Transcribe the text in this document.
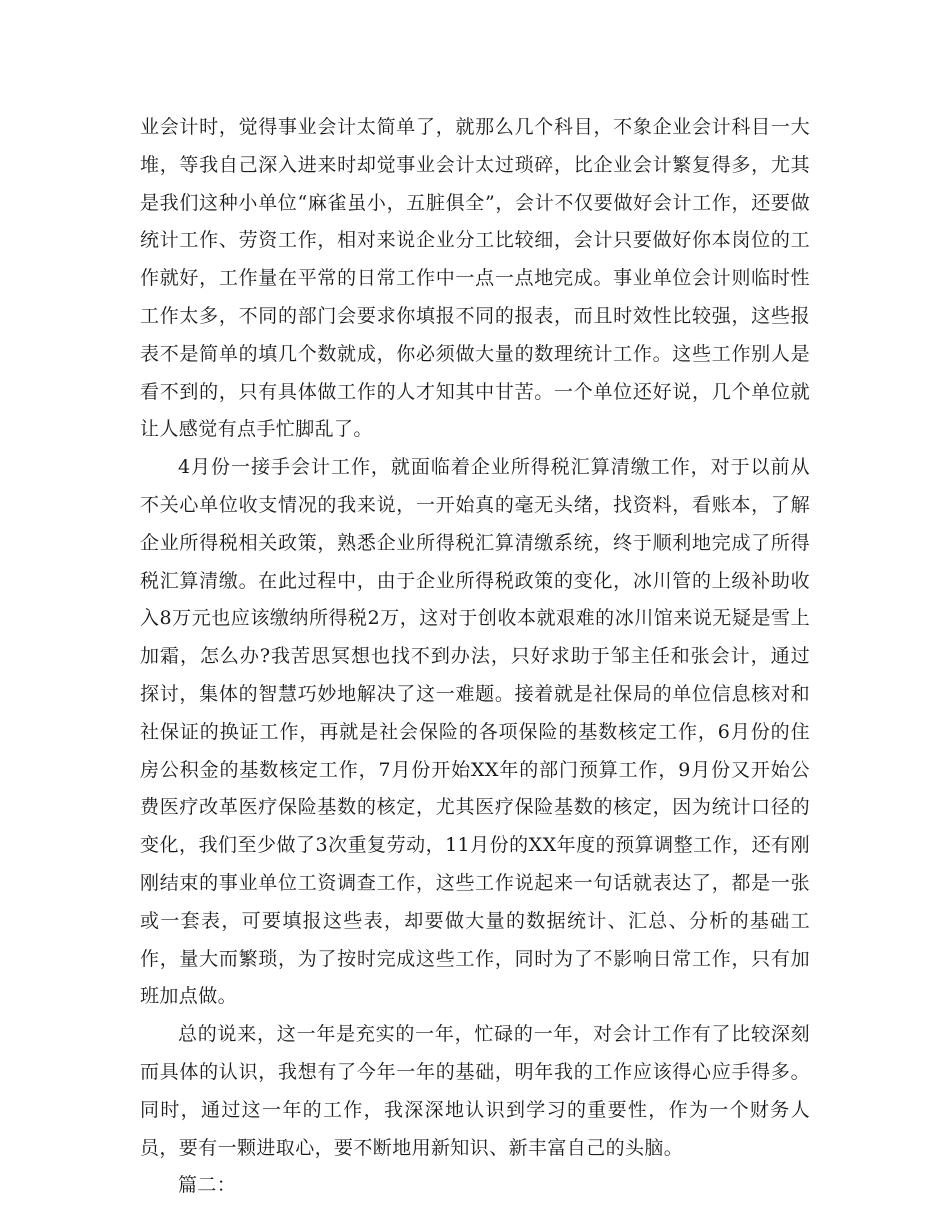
业会计时，觉得事业会计太简单了，就那么几个科目，不象企业会计科目一大堆，等我自己深入进来时却觉事业会计太过琐碎，比企业会计繁复得多，尤其是我们这种小单位“麻雀虽小，五脏俱全”，会计不仅要做好会计工作，还要做统计工作、劳资工作，相对来说企业分工比较细，会计只要做好你本岗位的工作就好，工作量在平常的日常工作中一点一点地完成。事业单位会计则临时性工作太多，不同的部门会要求你填报不同的报表，而且时效性比较强，这些报表不是简单的填几个数就成，你必须做大量的数理统计工作。这些工作别人是看不到的，只有具体做工作的人才知其中甘苦。一个单位还好说，几个单位就让人感觉有点手忙脚乱了。

4月份一接手会计工作，就面临着企业所得税汇算清缴工作，对于以前从不关心单位收支情况的我来说，一开始真的毫无头绪，找资料，看账本，了解企业所得税相关政策，熟悉企业所得税汇算清缴系统，终于顺利地完成了所得税汇算清缴。在此过程中，由于企业所得税政策的变化，冰川管的上级补助收入8万元也应该缴纳所得税2万，这对于创收本就艰难的冰川馆来说无疑是雪上加霜，怎么办?我苦思冥想也找不到办法，只好求助于邹主任和张会计，通过探讨，集体的智慧巧妙地解决了这一难题。接着就是社保局的单位信息核对和社保证的换证工作，再就是社会保险的各项保险的基数核定工作，6月份的住房公积金的基数核定工作，7月份开始XX年的部门预算工作，9月份又开始公费医疗改革医疗保险基数的核定，尤其医疗保险基数的核定，因为统计口径的变化，我们至少做了3次重复劳动，11月份的XX年度的预算调整工作，还有刚刚结束的事业单位工资调查工作，这些工作说起来一句话就表达了，都是一张或一套表，可要填报这些表，却要做大量的数据统计、汇总、分析的基础工作，量大而繁琐，为了按时完成这些工作，同时为了不影响日常工作，只有加班加点做。

总的说来，这一年是充实的一年，忙碌的一年，对会计工作有了比较深刻而具体的认识，我想有了今年一年的基础，明年我的工作应该得心应手得多。同时，通过这一年的工作，我深深地认识到学习的重要性，作为一个财务人员，要有一颗进取心，要不断地用新知识、新丰富自己的头脑。

篇二：
